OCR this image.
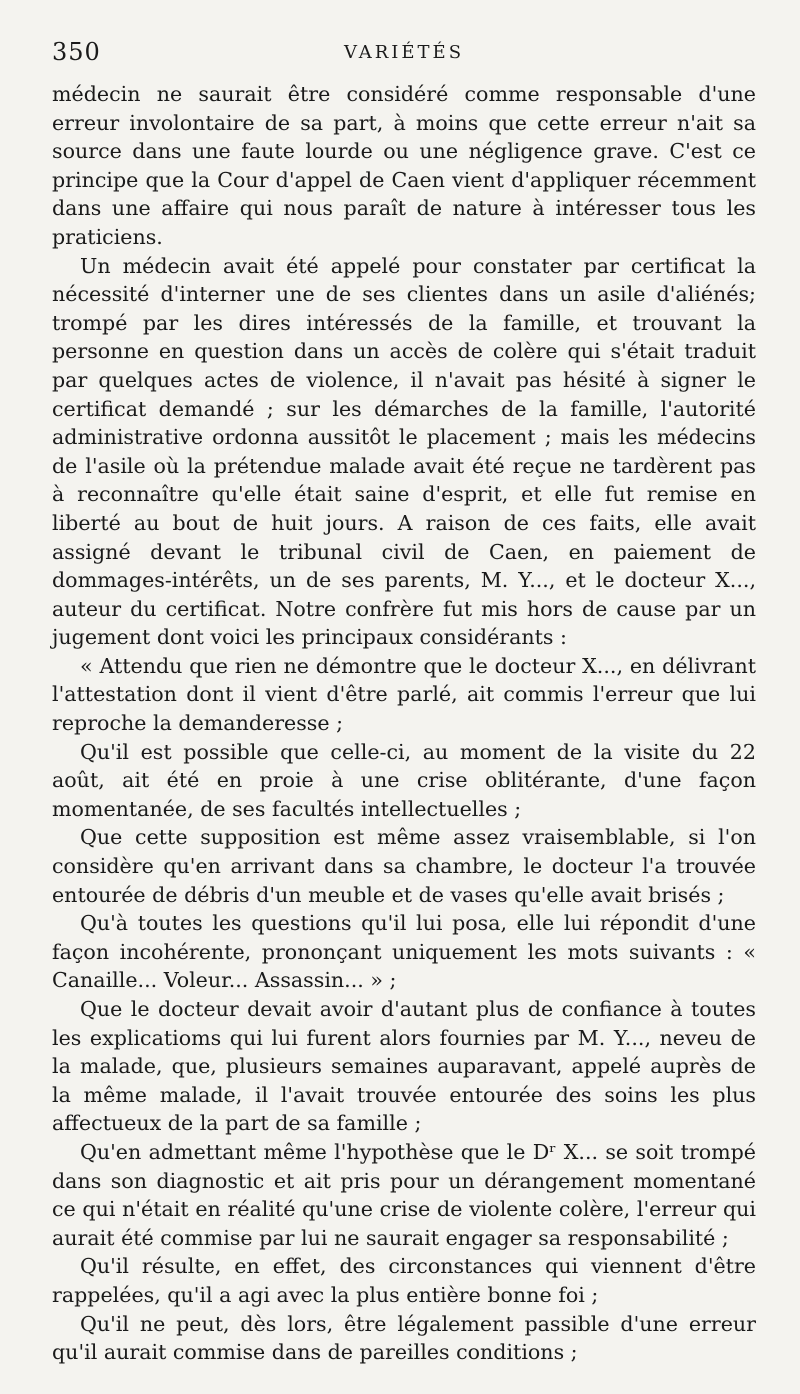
350	VARIÉTÉS

médecin ne saurait être considéré comme responsable d'une erreur involontaire de sa part, à moins que cette erreur n'ait sa source dans une faute lourde ou une négligence grave. C'est ce principe que la Cour d'appel de Caen vient d'appliquer récemment dans une affaire qui nous paraît de nature à intéresser tous les praticiens.

Un médecin avait été appelé pour constater par certificat la nécessité d'interner une de ses clientes dans un asile d'aliénés; trompé par les dires intéressés de la famille, et trouvant la personne en question dans un accès de colère qui s'était traduit par quelques actes de violence, il n'avait pas hésité à signer le certificat demandé ; sur les démarches de la famille, l'autorité administrative ordonna aussitôt le placement ; mais les médecins de l'asile où la prétendue malade avait été reçue ne tardèrent pas à reconnaître qu'elle était saine d'esprit, et elle fut remise en liberté au bout de huit jours. A raison de ces faits, elle avait assigné devant le tribunal civil de Caen, en paiement de dommages-intérêts, un de ses parents, M. Y..., et le docteur X..., auteur du certificat. Notre confrère fut mis hors de cause par un jugement dont voici les principaux considérants :

« Attendu que rien ne démontre que le docteur X..., en délivrant l'attestation dont il vient d'être parlé, ait commis l'erreur que lui reproche la demanderesse ;

Qu'il est possible que celle-ci, au moment de la visite du 22 août, ait été en proie à une crise oblitérante, d'une façon momentanée, de ses facultés intellectuelles ;

Que cette supposition est même assez vraisemblable, si l'on considère qu'en arrivant dans sa chambre, le docteur l'a trouvée entourée de débris d'un meuble et de vases qu'elle avait brisés ;

Qu'à toutes les questions qu'il lui posa, elle lui répondit d'une façon incohérente, prononçant uniquement les mots suivants : « Canaille... Voleur... Assassin... » ;

Que le docteur devait avoir d'autant plus de confiance à toutes les explicatioms qui lui furent alors fournies par M. Y..., neveu de la malade, que, plusieurs semaines auparavant, appelé auprès de la même malade, il l'avait trouvée entourée des soins les plus affectueux de la part de sa famille ;

Qu'en admettant même l'hypothèse que le Dʳ X... se soit trompé dans son diagnostic et ait pris pour un dérangement momentané ce qui n'était en réalité qu'une crise de violente colère, l'erreur qui aurait été commise par lui ne saurait engager sa responsabilité ;

Qu'il résulte, en effet, des circonstances qui viennent d'être rappelées, qu'il a agi avec la plus entière bonne foi ;

Qu'il ne peut, dès lors, être légalement passible d'une erreur qu'il aurait commise dans de pareilles conditions ;
